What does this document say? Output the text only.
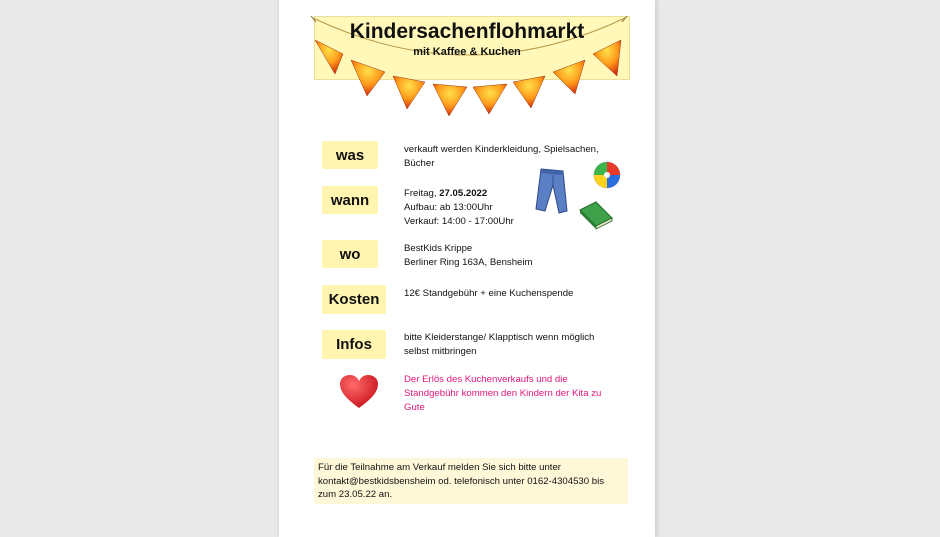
Kindersachenflohmarkt
mit Kaffee & Kuchen
was	verkauft werden Kinderkleidung, Spielsachen,
Bücher
wann	Freitag, 27.05.2022
Aufbau: ab 13:00Uhr
Verkauf: 14:00 - 17:00Uhr
wo	BestKids Krippe
Berliner Ring 163A, Bensheim
Kosten	12€ Standgebühr + eine Kuchenspende
Infos	bitte Kleiderstange/ Klapptisch wenn möglich
selbst mitbringen
Der Erlös des Kuchenverkaufs und die
Standgebühr kommen den Kindern der Kita zu
Gute
Für die Teilnahme am Verkauf melden Sie sich bitte unter
kontakt@bestkidsbensheim od. telefonisch unter 0162-4304530 bis
zum 23.05.22 an.
